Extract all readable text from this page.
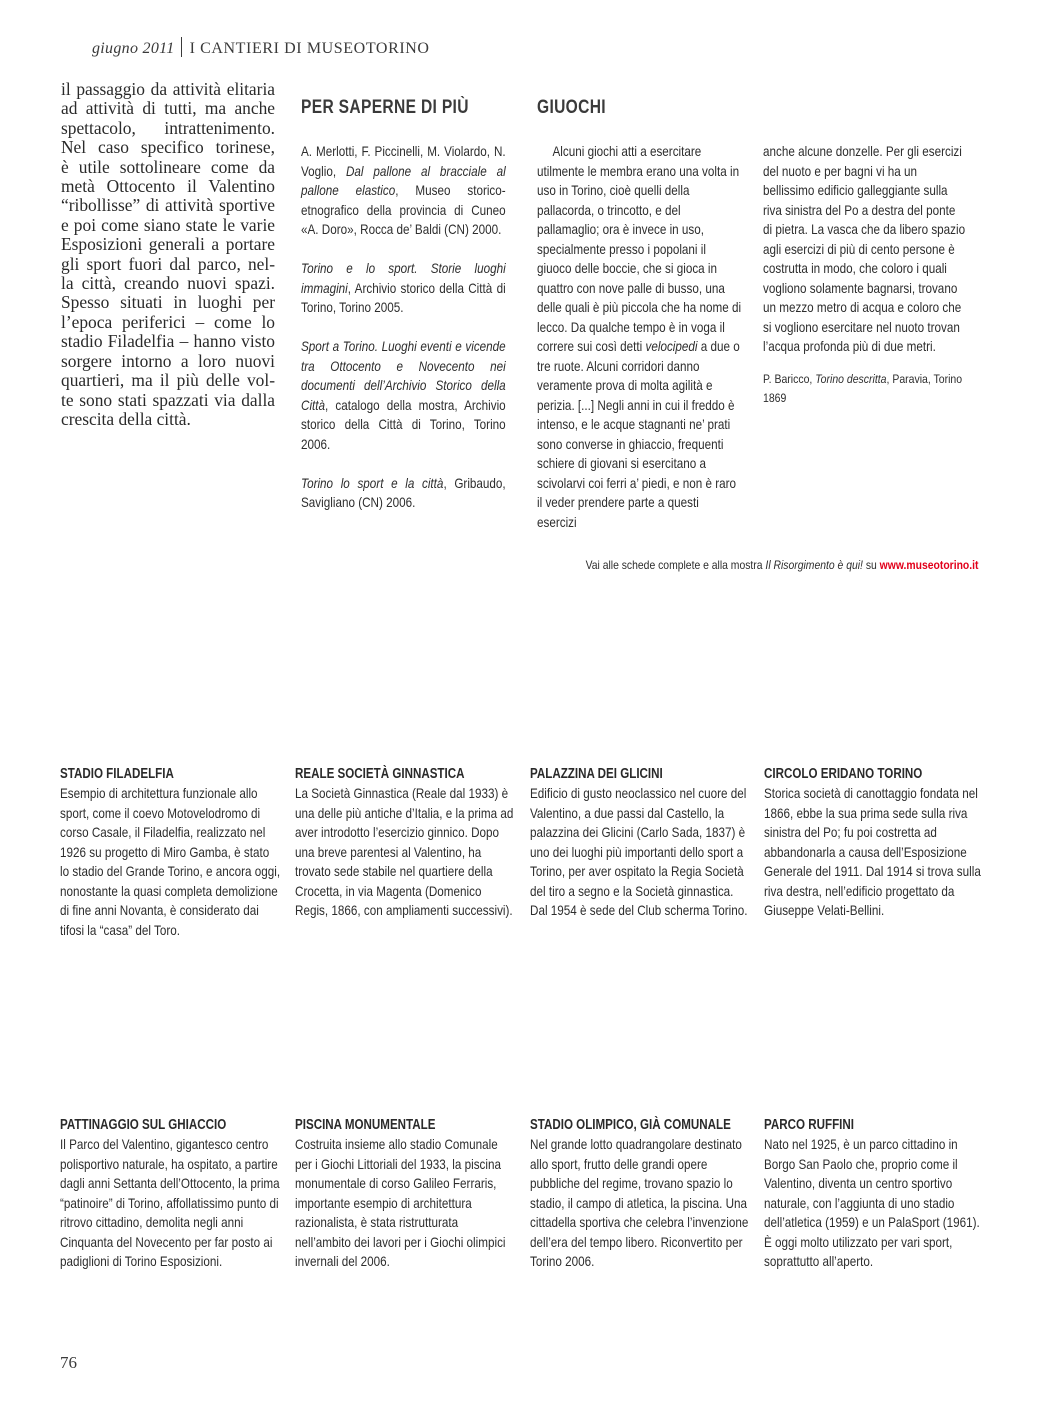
giugno 2011 I CANTIERI DI MUSEOTORINO

il passaggio da attività elitaria
ad attività di tutti, ma anche
spettacolo, intrattenimento.
Nel caso specifico torinese,
è utile sottolineare come da
metà Ottocento il Valentino
“ribollisse” di attività sportive
e poi come siano state le varie
Esposizioni generali a portare
gli sport fuori dal parco, nel-
la città, creando nuovi spazi.
Spesso situati in luoghi per
l’epoca periferici – come lo
stadio Filadelfia – hanno visto
sorgere intorno a loro nuovi
quartieri, ma il più delle vol-
te sono stati spazzati via dalla
crescita della città.

PER SAPERNE DI PIÙ

A. Merlotti, F. Piccinelli, M. Violardo, N. Voglio, Dal pallone al bracciale al pallone elastico, Museo storico-etnografico della provincia di Cuneo «A. Doro», Rocca de’ Baldi (CN) 2000.

Torino e lo sport. Storie luoghi immagini, Archivio storico della Città di Torino, Torino 2005.

Sport a Torino. Luoghi eventi e vicende tra Ottocento e Novecento nei documenti dell’Archivio Storico della Città, catalogo della mostra, Archivio storico della Città di Torino, Torino 2006.

Torino lo sport e la città, Gribaudo, Savigliano (CN) 2006.

GIUOCHI

Alcuni giochi atti a esercitare utilmente le membra erano una volta in uso in Torino, cioè quelli della pallacorda, o trincotto, e del pallamaglio; ora è invece in uso, specialmente presso i popolani il giuoco delle boccie, che si gioca in quattro con nove palle di busso, una delle quali è più piccola che ha nome di lecco. Da qualche tempo è in voga il correre sui così detti velocipedi a due o tre ruote. Alcuni corridori danno veramente prova di molta agilità e perizia. [...] Negli anni in cui il freddo è intenso, e le acque stagnanti ne’ prati sono converse in ghiaccio, frequenti schiere di giovani si esercitano a scivolarvi coi ferri a’ piedi, e non è raro il veder prendere parte a questi esercizi

anche alcune donzelle. Per gli esercizi del nuoto e per bagni vi ha un bellissimo edificio galleggiante sulla riva sinistra del Po a destra del ponte di pietra. La vasca che da libero spazio agli esercizi di più di cento persone è costrutta in modo, che coloro i quali vogliono solamente bagnarsi, trovano un mezzo metro di acqua e coloro che si vogliono esercitare nel nuoto trovan l’acqua profonda più di due metri.

P. Baricco, Torino descritta, Paravia, Torino 1869

Vai alle schede complete e alla mostra Il Risorgimento è qui! su www.museotorino.it
STADIO FILADELFIA

Esempio di architettura funzionale allo sport, come il coevo Motovelodromo di corso Casale, il Filadelfia, realizzato nel 1926 su progetto di Miro Gamba, è stato lo stadio del Grande Torino, e ancora oggi, nonostante la quasi completa demolizione di fine anni Novanta, è considerato dai tifosi la “casa” del Toro.

REALE SOCIETÀ GINNASTICA

La Società Ginnastica (Reale dal 1933) è una delle più antiche d’Italia, e la prima ad aver introdotto l’esercizio ginnico. Dopo una breve parentesi al Valentino, ha trovato sede stabile nel quartiere della Crocetta, in via Magenta (Domenico Regis, 1866, con ampliamenti successivi).

PALAZZINA DEI GLICINI

Edificio di gusto neoclassico nel cuore del Valentino, a due passi dal Castello, la palazzina dei Glicini (Carlo Sada, 1837) è uno dei luoghi più importanti dello sport a Torino, per aver ospitato la Regia Società del tiro a segno e la Società ginnastica. Dal 1954 è sede del Club scherma Torino.

CIRCOLO ERIDANO TORINO

Storica società di canottaggio fondata nel 1866, ebbe la sua prima sede sulla riva sinistra del Po; fu poi costretta ad abbandonarla a causa dell’Esposizione Generale del 1911. Dal 1914 si trova sulla riva destra, nell’edificio progettato da Giuseppe Velati-Bellini.

PATTINAGGIO SUL GHIACCIO

Il Parco del Valentino, gigantesco centro polisportivo naturale, ha ospitato, a partire dagli anni Settanta dell’Ottocento, la prima “patinoire” di Torino, affollatissimo punto di ritrovo cittadino, demolita negli anni Cinquanta del Novecento per far posto ai padiglioni di Torino Esposizioni.

PISCINA MONUMENTALE

Costruita insieme allo stadio Comunale per i Giochi Littoriali del 1933, la piscina monumentale di corso Galileo Ferraris, importante esempio di architettura razionalista, è stata ristrutturata nell’ambito dei lavori per i Giochi olimpici invernali del 2006.

STADIO OLIMPICO, GIÀ COMUNALE

Nel grande lotto quadrangolare destinato allo sport, frutto delle grandi opere pubbliche del regime, trovano spazio lo stadio, il campo di atletica, la piscina. Una cittadella sportiva che celebra l’invenzione dell’era del tempo libero. Riconvertito per Torino 2006.

PARCO RUFFINI

Nato nel 1925, è un parco cittadino in Borgo San Paolo che, proprio come il Valentino, diventa un centro sportivo naturale, con l’aggiunta di uno stadio dell’atletica (1959) e un PalaSport (1961). È oggi molto utilizzato per vari sport, soprattutto all’aperto.

76
